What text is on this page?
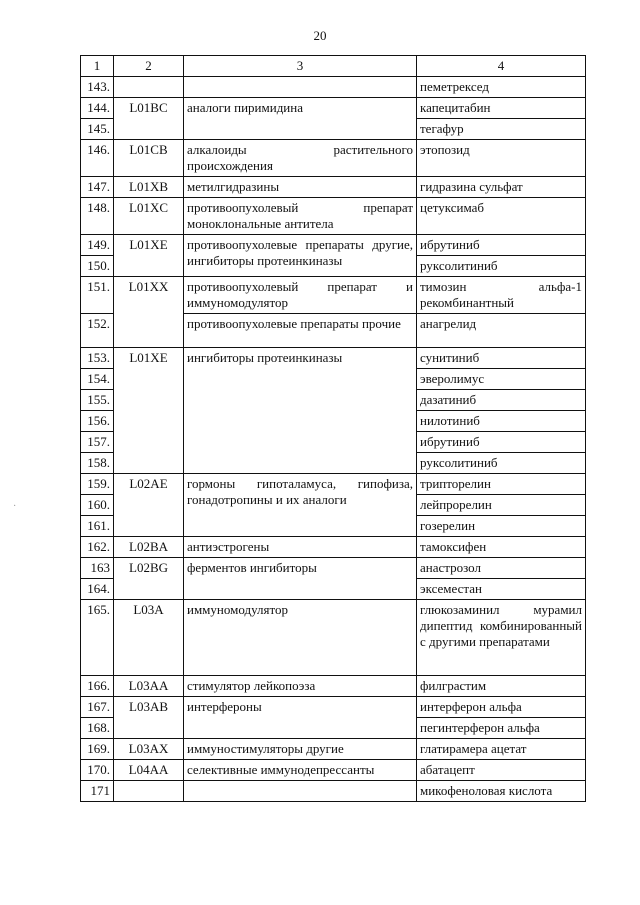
20
·
1	2	3	4
143.			пеметрексед
144.	L01BC	аналоги пиримидина	капецитабин
145.			тегафур
146.	L01CB	алкалоиды растительного происхождения	этопозид
147.	L01XB	метилгидразины	гидразина сульфат
148.	L01XC	противоопухолевый препарат моноклональные антитела	цетуксимаб
149.	L01XE	противоопухолевые препараты другие, ингибиторы протеинкиназы	ибрутиниб
150.			руксолитиниб
151.	L01XX	противоопухолевый препарат и иммуномодулятор	тимозин альфа-1 рекомбинантный
152.		противоопухолевые препараты прочие	анагрелид
153.	L01XE	ингибиторы протеинкиназы	сунитиниб
154.			эверолимус
155.			дазатиниб
156.			нилотиниб
157.			ибрутиниб
158.			руксолитиниб
159.	L02AE	гормоны гипоталамуса, гипофиза, гонадотропины и их аналоги	трипторелин
160.			лейпрорелин
161.			гозерелин
162.	L02BA	антиэстрогены	тамоксифен
163	L02BG	ферментов ингибиторы	анастрозол
164.			эксеместан
165.	L03A	иммуномодулятор	глюкозаминил мурамил дипептид комбинированный с другими препаратами
166.	L03AA	стимулятор лейкопоэза	филграстим
167.	L03AB	интерфероны	интерферон альфа
168.			пегинтерферон альфа
169.	L03AX	иммуностимуляторы другие	глатирамера ацетат
170.	L04AA	селективные иммунодепрессанты	абатацепт
171			микофеноловая кислота
